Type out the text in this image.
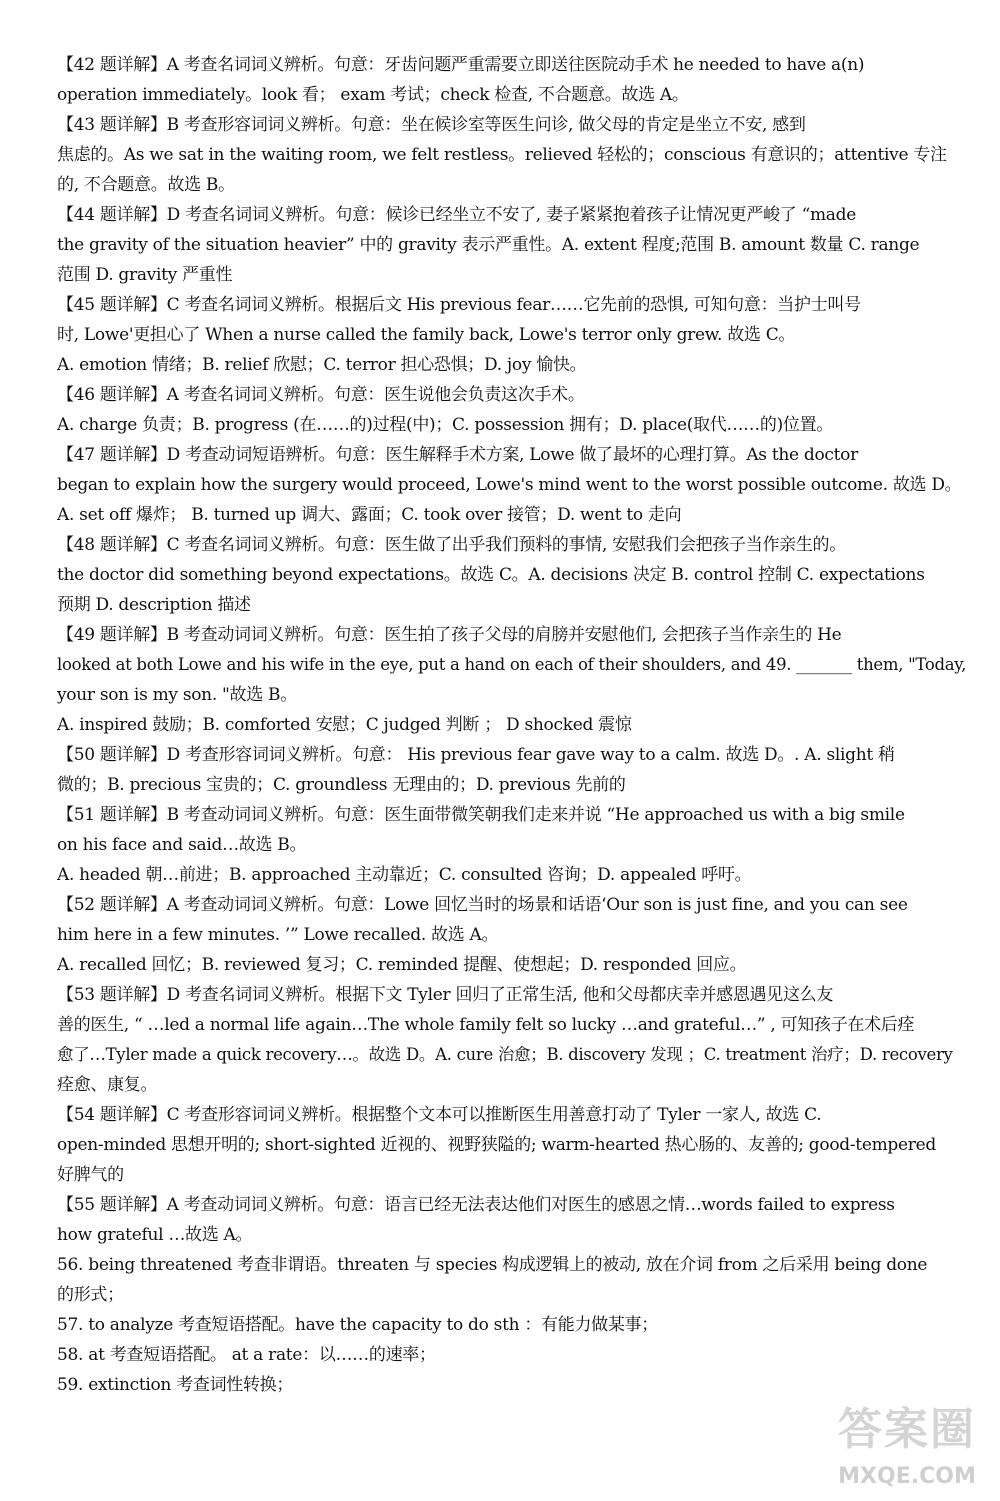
【42 题详解】A 考查名词词义辨析。句意：牙齿问题严重需要立即送往医院动手术 he needed to have a(n)
operation immediately。look 看； exam 考试；check 检查, 不合题意。故选 A。
【43 题详解】B 考查形容词词义辨析。句意：坐在候诊室等医生问诊, 做父母的肯定是坐立不安, 感到
焦虑的。As we sat in the waiting room, we felt restless。relieved 轻松的；conscious 有意识的；attentive 专注
的, 不合题意。故选 B。
【44 题详解】D 考查名词词义辨析。句意：候诊已经坐立不安了, 妻子紧紧抱着孩子让情况更严峻了 “made
the gravity of the situation heavier” 中的 gravity 表示严重性。A. extent 程度;范围 B. amount 数量 C. range
范围 D. gravity 严重性
【45 题详解】C 考查名词词义辨析。根据后文 His previous fear……它先前的恐惧, 可知句意：当护士叫号
时, Lowe'更担心了 When a nurse called the family back, Lowe's terror only grew. 故选 C。
A. emotion 情绪；B. relief 欣慰；C. terror 担心恐惧；D. joy 愉快。
【46 题详解】A 考查名词词义辨析。句意：医生说他会负责这次手术。
A. charge 负责；B. progress (在……的)过程(中)；C. possession 拥有；D. place(取代……的)位置。
【47 题详解】D 考查动词短语辨析。句意：医生解释手术方案, Lowe 做了最坏的心理打算。As the doctor
began to explain how the surgery would proceed, Lowe's mind went to the worst possible outcome. 故选 D。
A. set off 爆炸； B. turned up 调大、露面；C. took over 接管；D. went to 走向
【48 题详解】C 考查名词词义辨析。句意：医生做了出乎我们预料的事情, 安慰我们会把孩子当作亲生的。
the doctor did something beyond expectations。故选 C。A. decisions 决定 B. control 控制 C. expectations
预期 D. description 描述
【49 题详解】B 考查动词词义辨析。句意：医生拍了孩子父母的肩膀并安慰他们, 会把孩子当作亲生的 He
looked at both Lowe and his wife in the eye, put a hand on each of their shoulders, and 49. _______ them, "Today,
your son is my son. "故选 B。
A. inspired 鼓励；B. comforted 安慰；C judged 判断 ； D shocked 震惊
【50 题详解】D 考查形容词词义辨析。句意： His previous fear gave way to a calm. 故选 D。. A. slight 稍
微的；B. precious 宝贵的；C. groundless 无理由的；D. previous 先前的
【51 题详解】B 考查动词词义辨析。句意：医生面带微笑朝我们走来并说 “He approached us with a big smile
on his face and said…故选 B。
A. headed 朝…前进；B. approached 主动靠近；C. consulted 咨询；D. appealed 呼吁。
【52 题详解】A 考查动词词义辨析。句意：Lowe 回忆当时的场景和话语‘Our son is just fine, and you can see
him here in a few minutes. ’” Lowe recalled. 故选 A。
A. recalled 回忆；B. reviewed 复习；C. reminded 提醒、使想起；D. responded 回应。
【53 题详解】D 考查名词词义辨析。根据下文 Tyler 回归了正常生活, 他和父母都庆幸并感恩遇见这么友
善的医生, “ …led a normal life again…The whole family felt so lucky …and grateful…” , 可知孩子在术后痊
愈了…Tyler made a quick recovery…。故选 D。A. cure 治愈；B. discovery 发现 ；C. treatment 治疗；D. recovery
痊愈、康复。
【54 题详解】C 考查形容词词义辨析。根据整个文本可以推断医生用善意打动了 Tyler 一家人, 故选 C.
open-minded 思想开明的; short-sighted 近视的、视野狭隘的; warm-hearted 热心肠的、友善的; good-tempered
好脾气的
【55 题详解】A 考查动词词义辨析。句意：语言已经无法表达他们对医生的感恩之情…words failed to express
how grateful …故选 A。
56. being threatened 考查非谓语。threaten 与 species 构成逻辑上的被动, 放在介词 from 之后采用 being done
的形式；
57. to analyze 考查短语搭配。have the capacity to do sth ：有能力做某事；
58. at 考查短语搭配。 at a rate：以……的速率；
59. extinction 考查词性转换；
答案圈
MXQE.COM
